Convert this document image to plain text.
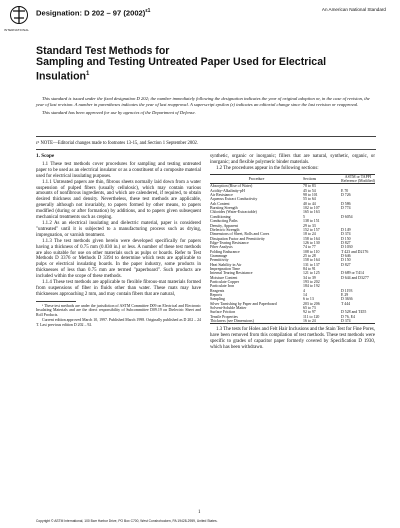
INTERNATIONAL
Designation: D 202 – 97 $(2002)^{\varepsilon 1}$	An American National Standard
Standard Test Methods for
Sampling and Testing Untreated Paper Used for Electrical
Insulation$^1$

This standard is issued under the fixed designation D 202; the number immediately following the designation indicates the year of original adoption or, in the case of revision, the year of last revision. A number in parentheses indicates the year of last reapproval. A superscript epsilon (ε) indicates an editorial change since the last revision or reapproval.

This standard has been approved for use by agencies of the Department of Defense.

ε¹ NOTE—Editorial changes made to footnotes 13-15, and Section 1 September 2002.
1. Scope

1.1 These test methods cover procedures for sampling and testing untreated paper to be used as an electrical insulator or as a constituent of a composite material used for electrical insulating purposes.

1.1.1 Untreated papers are thin, fibrous sheets normally laid down from a water suspension of pulped fibers (usually cellulosic), which may contain various amounts of nonfibrous ingredients, and which are calendered, if required, to obtain desired thickness and density. Nevertheless, these test methods are applicable, generally although not invariably, to papers formed by other means, to papers modified (during or after formation) by additions, and to papers given subsequent mechanical treatments such as creping.

1.1.2 As an electrical insulating and dielectric material, paper is considered "untreated" until it is subjected to a manufacturing process such as drying, impregnation, or varnish treatment.

1.1.3 The test methods given herein were developed specifically for papers having a thickness of 0.75 mm (0.030 in.) or less. A number of these test methods are also suitable for use on other materials such as pulps or boards. Refer to Test Methods D 3376 or Methods D 3394 to determine which tests are applicable to pulps or electrical insulating boards. In the paper industry, some products in thicknesses of less than 0.75 mm are termed "paperboard". Such products are included within the scope of these methods.

1.1.4 These test methods are applicable to flexible fibrous-mat materials formed from suspensions of fiber in fluids other than water. These mats may have thicknesses approaching 2 mm, and may contain fibers that are natural,

¹ These test methods are under the jurisdiction of ASTM Committee D09 on Electrical and Electronic Insulating Materials and are the direct responsibility of Subcommittee D09.19 on Dielectric Sheet and Roll Products.

Current edition approved March 10, 1997. Published March 1998. Originally published as D 202 – 24 T. Last previous edition D 202 – 92.

synthetic, organic or inorganic; fillers that are natural, synthetic, organic, or inorganic; and flexible polymeric binder materials.

1.2 The procedures appear in the following sections:

Procedure	Sections	ASTM or TAPPI Reference (Modified)
Absorption (Rise of Water)	78 to 83	
Acidity-Alkalinity-pH	45 to 54	E 70
Air Resistance	98 to 101	D 726
Aqueous Extract Conductivity	55 to 64	
Ash Content	40 to 44	D 586
Bursting Strength	102 to 107	D 774
Chlorides (Water-Extractable)	165 to 163	
Conditioning	5	D 6054
Conducting Paths	138 to 151	
Density, Apparent	29 to 33	
Dielectric Strength	152 to 157	D 149
Dimensions of Sheet, Rolls and Cores	18 to 24	D 374
Dissipation Factor and Permittivity	158 to 164	D 150
Edge-Tearing Resistance	126 to 130	D 827
Fiber Analysis	74 to 77	D 1030
Folding Endurance	108 to 110	T 423 and D2176
Grammage	25 to 28	D 646
Permittivity	158 to 164	D 150
Heat Stability in Air	131 to 137	D 827
Impregnation Time	84 to 91	
Internal Tearing Resistance	121 to 125	D 689 or T414
Moisture Content	34 to 39	D 644 and D3277
Particulate Copper	193 to 202	
Particulate Iron	184 to 192	
Reagents	4	D 1193
Reports	14	E 29
Sampling	6 to 13	D 3636
Silver Tarnishing by Paper and Paperboard	203 to 206	T 444
Solvent-Soluble Matter	65 to 73	
Surface Friction	92 to 97	D 528 and T455
Tensile Properties	111 to 120	D 76, E4
Thickness (see Dimensions)	16 to 24	D 374

1.3 The tests for Holes and Felt Hair Inclusions and the Stain Test for Fine Pores, have been removed from this compilation of test methods. These test methods were specific to grades of capacitor paper formerly covered by Specification D 1930, which has been withdrawn.

1
Copyright © ASTM International, 100 Barr Harbor Drive, PO Box C700, West Conshohocken, PA 19428-2959, United States.
